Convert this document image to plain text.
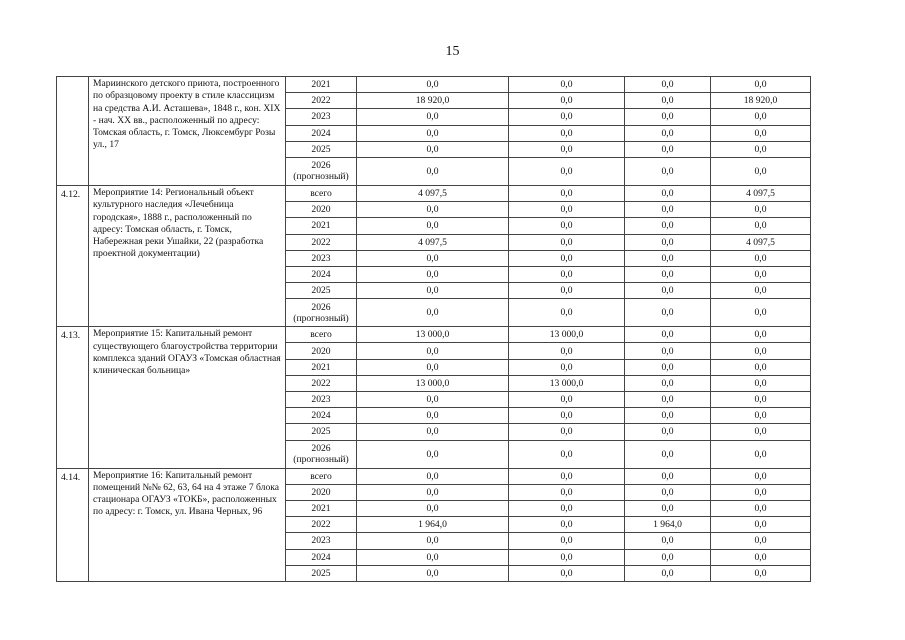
15
	Мариинского детского приюта, построенного по образцовому проекту в стиле классицизм на средства А.И. Асташева», 1848 г., кон. XIX - нач. XX вв., расположенный по адресу: Томская область, г. Томск, Люксембург Розы ул., 17	2021	0,0	0,0	0,0	0,0
		2022	18 920,0	0,0	0,0	18 920,0
		2023	0,0	0,0	0,0	0,0
		2024	0,0	0,0	0,0	0,0
		2025	0,0	0,0	0,0	0,0
		2026 (прогнозный)	0,0	0,0	0,0	0,0
4.12.	Мероприятие 14: Региональный объект культурного наследия «Лечебница городская», 1888 г., расположенный по адресу: Томская область, г. Томск, Набережная реки Ушайки, 22 (разработка проектной документации)	всего	4 097,5	0,0	0,0	4 097,5
		2020	0,0	0,0	0,0	0,0
		2021	0,0	0,0	0,0	0,0
		2022	4 097,5	0,0	0,0	4 097,5
		2023	0,0	0,0	0,0	0,0
		2024	0,0	0,0	0,0	0,0
		2025	0,0	0,0	0,0	0,0
		2026 (прогнозный)	0,0	0,0	0,0	0,0
4.13.	Мероприятие 15: Капитальный ремонт существующего благоустройства территории комплекса зданий ОГАУЗ «Томская областная клиническая больница»	всего	13 000,0	13 000,0	0,0	0,0
		2020	0,0	0,0	0,0	0,0
		2021	0,0	0,0	0,0	0,0
		2022	13 000,0	13 000,0	0,0	0,0
		2023	0,0	0,0	0,0	0,0
		2024	0,0	0,0	0,0	0,0
		2025	0,0	0,0	0,0	0,0
		2026 (прогнозный)	0,0	0,0	0,0	0,0
4.14.	Мероприятие 16: Капитальный ремонт помещений №№ 62, 63, 64 на 4 этаже 7 блока стационара ОГАУЗ «ТОКБ», расположенных по адресу: г. Томск, ул. Ивана Черных, 96	всего	0,0	0,0	0,0	0,0
		2020	0,0	0,0	0,0	0,0
		2021	0,0	0,0	0,0	0,0
		2022	1 964,0	0,0	1 964,0	0,0
		2023	0,0	0,0	0,0	0,0
		2024	0,0	0,0	0,0	0,0
		2025	0,0	0,0	0,0	0,0
